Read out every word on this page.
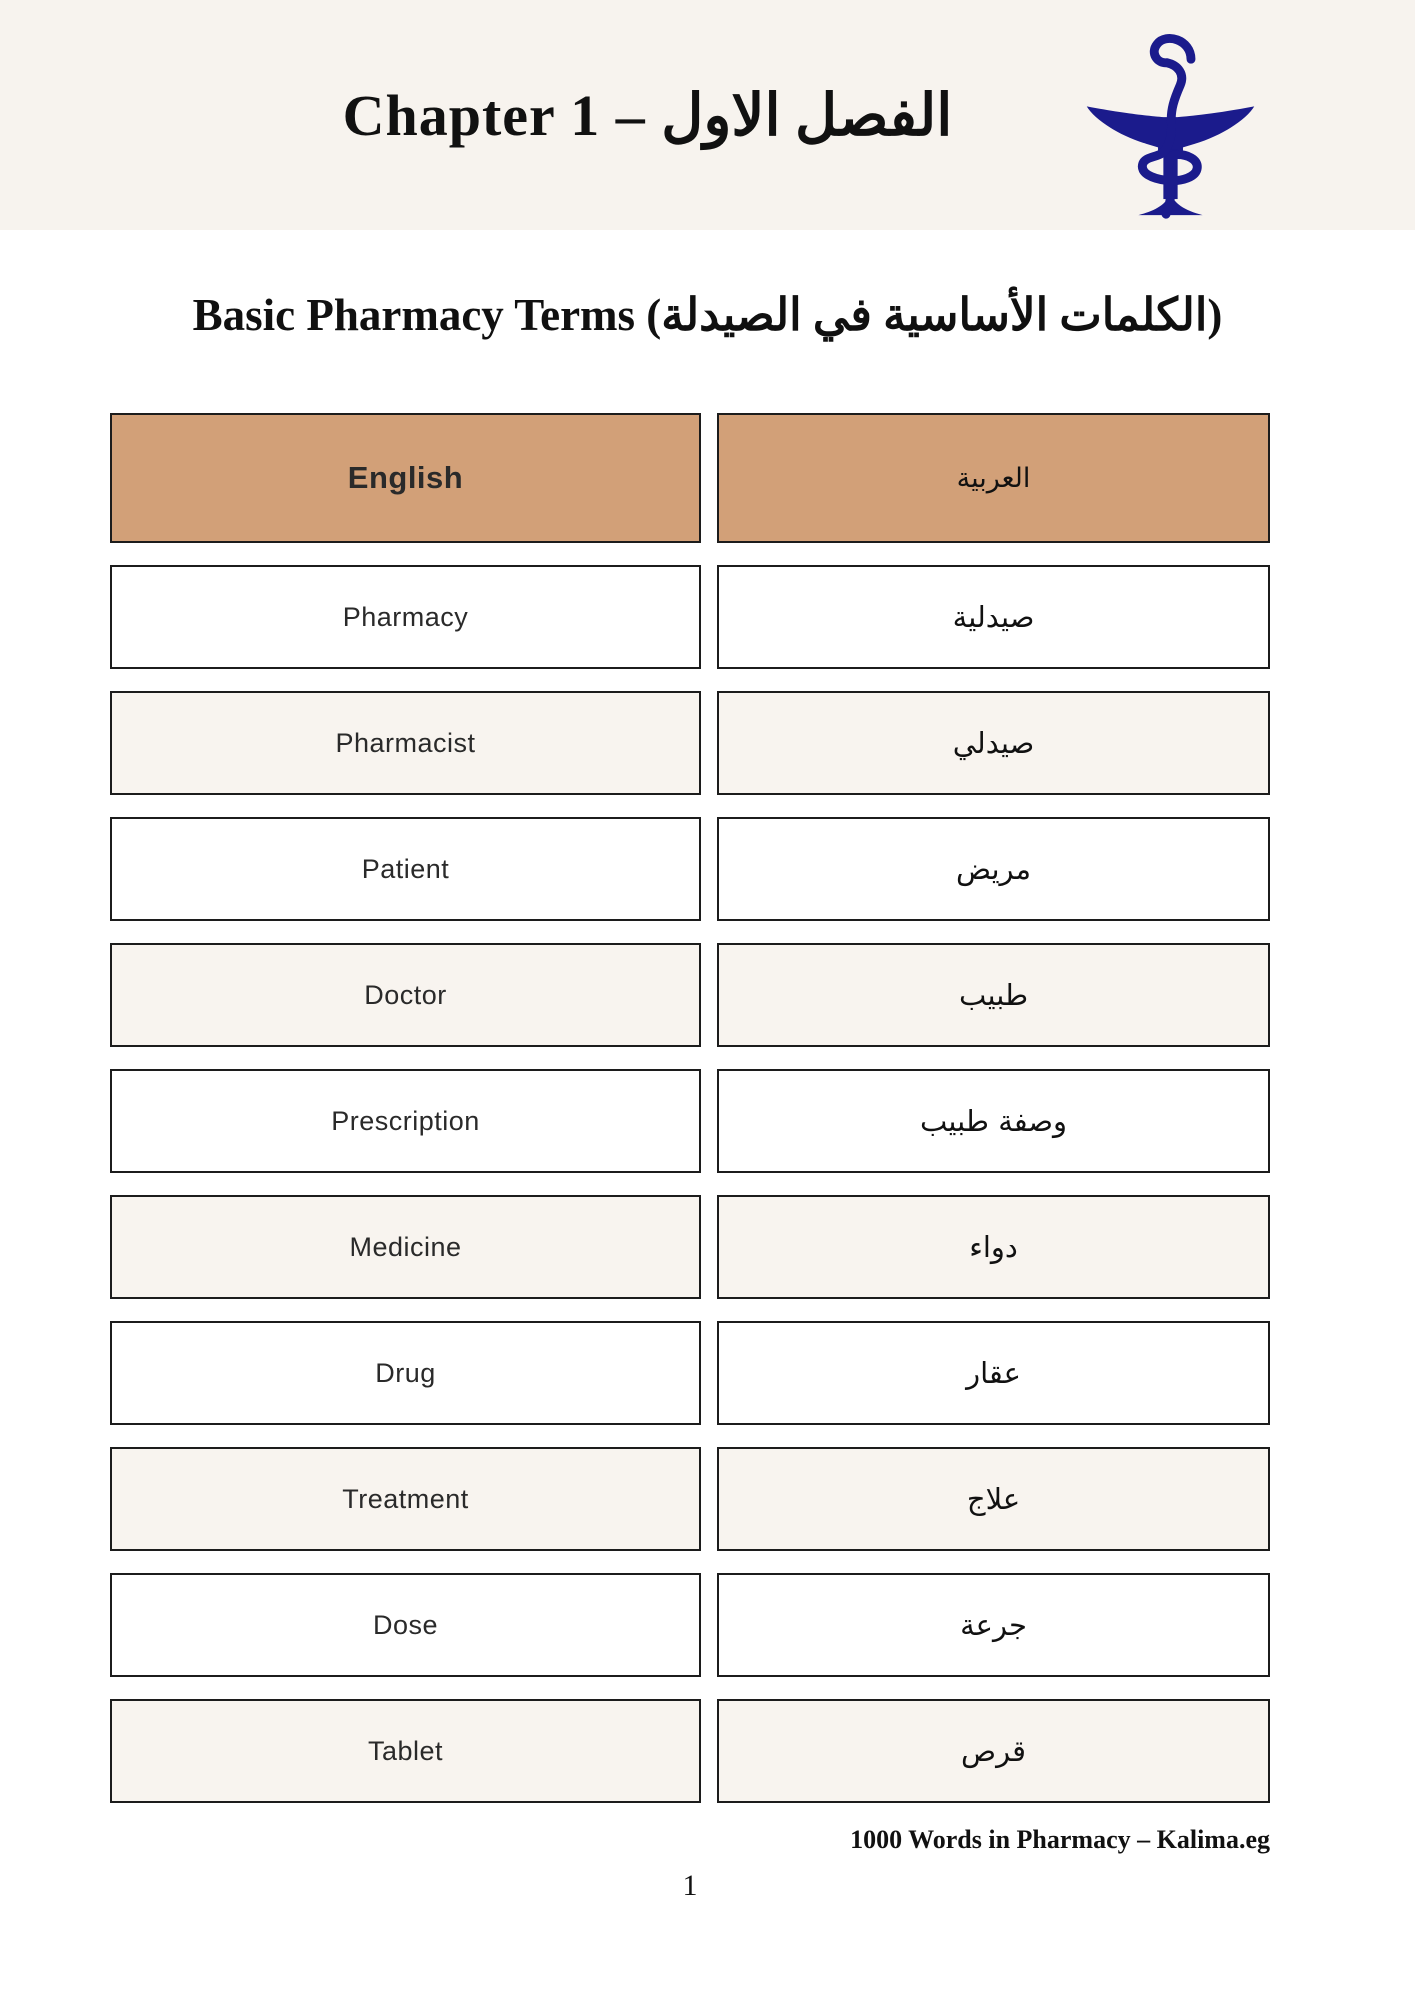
Chapter 1 – الفصل الاول
Basic Pharmacy Terms (الكلمات الأساسية في الصيدلة)
English	العربية
Pharmacy	صيدلية
Pharmacist	صيدلي
Patient	مريض
Doctor	طبيب
Prescription	وصفة طبيب
Medicine	دواء
Drug	عقار
Treatment	علاج
Dose	جرعة
Tablet	قرص
1000 Words in Pharmacy – Kalima.eg
1
